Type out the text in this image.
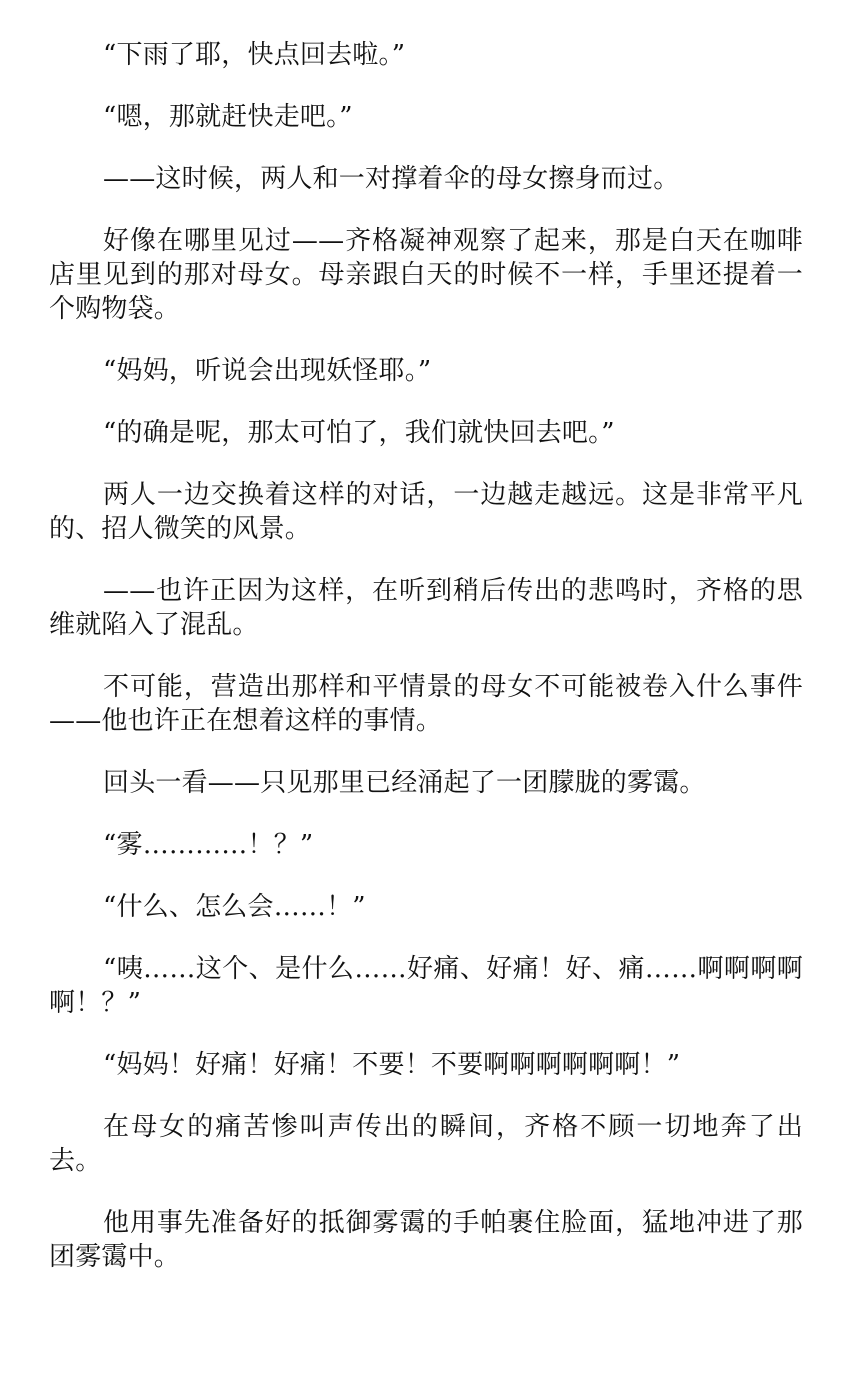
“下雨了耶，快点回去啦。”

“嗯，那就赶快走吧。”

——这时候，两人和一对撑着伞的母女擦身而过。

好像在哪里见过——齐格凝神观察了起来，那是白天在咖啡店里见到的那对母女。母亲跟白天的时候不一样，手里还提着一个购物袋。

“妈妈，听说会出现妖怪耶。”

“的确是呢，那太可怕了，我们就快回去吧。”

两人一边交换着这样的对话，一边越走越远。这是非常平凡的、招人微笑的风景。

——也许正因为这样，在听到稍后传出的悲鸣时，齐格的思维就陷入了混乱。

不可能，营造出那样和平情景的母女不可能被卷入什么事件——他也许正在想着这样的事情。

回头一看——只见那里已经涌起了一团朦胧的雾霭。

“雾…………！？”

“什么、怎么会……！”

“咦……这个、是什么……好痛、好痛！好、痛……啊啊啊啊啊！？”

“妈妈！好痛！好痛！不要！不要啊啊啊啊啊啊！”

在母女的痛苦惨叫声传出的瞬间，齐格不顾一切地奔了出去。

他用事先准备好的抵御雾霭的手帕裹住脸面，猛地冲进了那团雾霭中。
